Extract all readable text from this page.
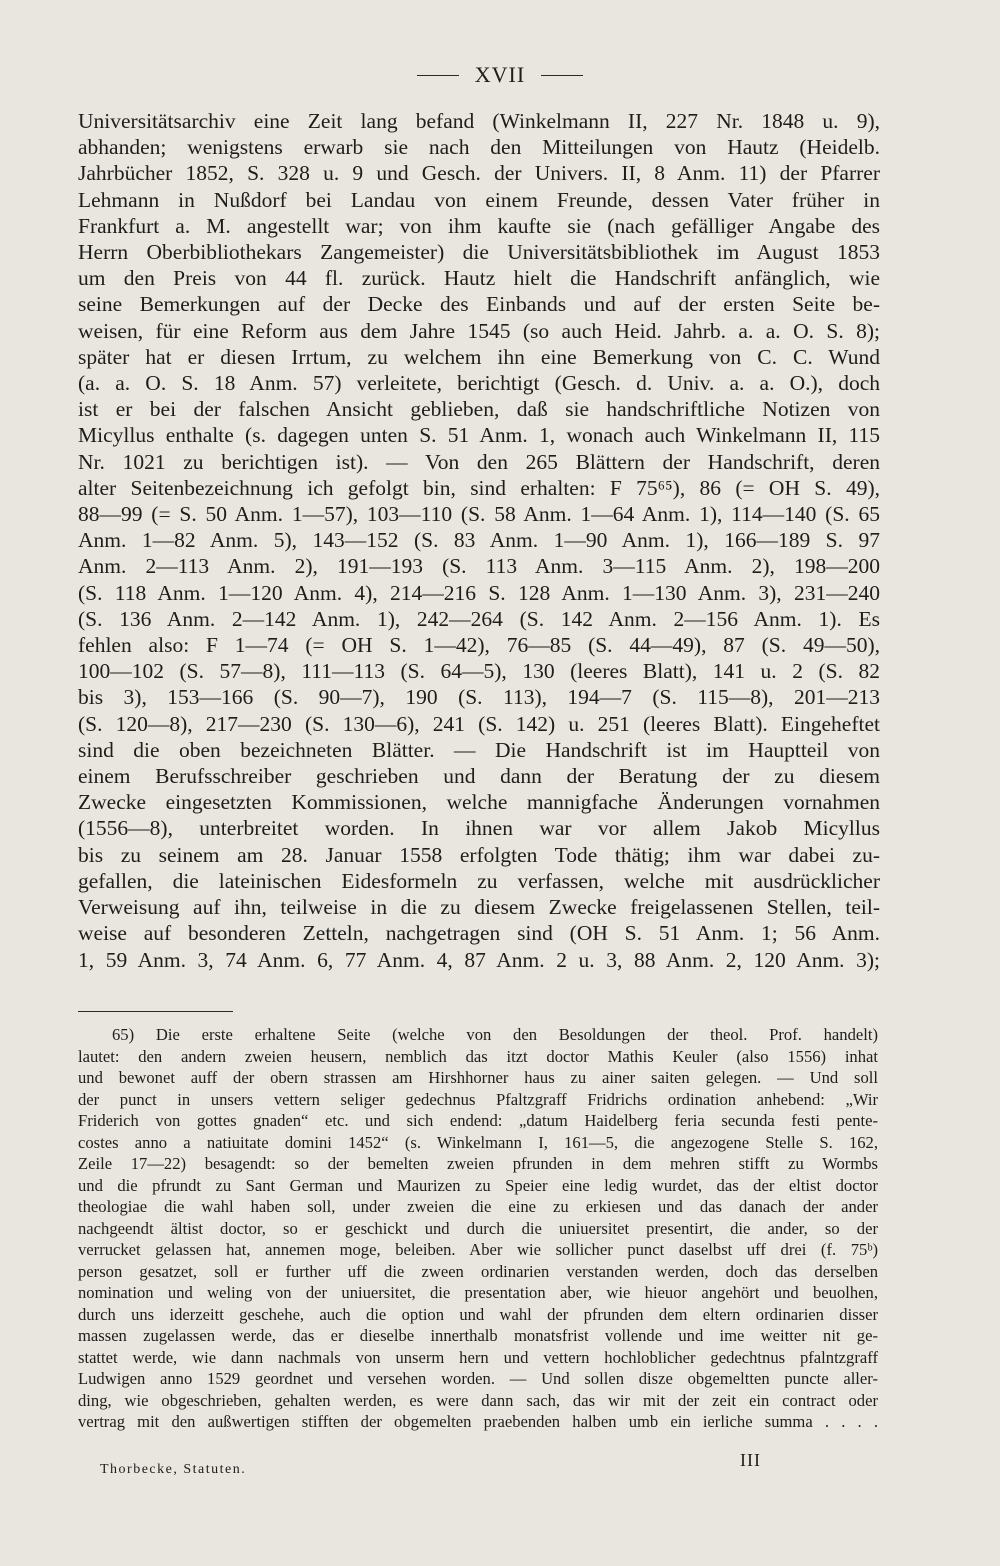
XVII
Universitätsarchiv eine Zeit lang befand (Winkelmann II, 227 Nr. 1848 u. 9),
abhanden; wenigstens erwarb sie nach den Mitteilungen von Hautz (Heidelb.
Jahrbücher 1852, S. 328 u. 9 und Gesch. der Univers. II, 8 Anm. 11) der Pfarrer
Lehmann in Nußdorf bei Landau von einem Freunde, dessen Vater früher in
Frankfurt a. M. angestellt war; von ihm kaufte sie (nach gefälliger Angabe des
Herrn Oberbibliothekars Zangemeister) die Universitätsbibliothek im August 1853
um den Preis von 44 fl. zurück. Hautz hielt die Handschrift anfänglich, wie
seine Bemerkungen auf der Decke des Einbands und auf der ersten Seite be-
weisen, für eine Reform aus dem Jahre 1545 (so auch Heid. Jahrb. a. a. O. S. 8);
später hat er diesen Irrtum, zu welchem ihn eine Bemerkung von C. C. Wund
(a. a. O. S. 18 Anm. 57) verleitete, berichtigt (Gesch. d. Univ. a. a. O.), doch
ist er bei der falschen Ansicht geblieben, daß sie handschriftliche Notizen von
Micyllus enthalte (s. dagegen unten S. 51 Anm. 1, wonach auch Winkelmann II, 115
Nr. 1021 zu berichtigen ist). — Von den 265 Blättern der Handschrift, deren
alter Seitenbezeichnung ich gefolgt bin, sind erhalten: F 75⁶⁵), 86 (= OH S. 49),
88—99 (= S. 50 Anm. 1—57), 103—110 (S. 58 Anm. 1—64 Anm. 1), 114—140 (S. 65
Anm. 1—82 Anm. 5), 143—152 (S. 83 Anm. 1—90 Anm. 1), 166—189 S. 97
Anm. 2—113 Anm. 2), 191—193 (S. 113 Anm. 3—115 Anm. 2), 198—200
(S. 118 Anm. 1—120 Anm. 4), 214—216 S. 128 Anm. 1—130 Anm. 3), 231—240
(S. 136 Anm. 2—142 Anm. 1), 242—264 (S. 142 Anm. 2—156 Anm. 1). Es
fehlen also: F 1—74 (= OH S. 1—42), 76—85 (S. 44—49), 87 (S. 49—50),
100—102 (S. 57—8), 111—113 (S. 64—5), 130 (leeres Blatt), 141 u. 2 (S. 82
bis 3), 153—166 (S. 90—7), 190 (S. 113), 194—7 (S. 115—8), 201—213
(S. 120—8), 217—230 (S. 130—6), 241 (S. 142) u. 251 (leeres Blatt). Eingeheftet
sind die oben bezeichneten Blätter. — Die Handschrift ist im Hauptteil von
einem Berufsschreiber geschrieben und dann der Beratung der zu diesem
Zwecke eingesetzten Kommissionen, welche mannigfache Änderungen vornahmen
(1556—8), unterbreitet worden. In ihnen war vor allem Jakob Micyllus
bis zu seinem am 28. Januar 1558 erfolgten Tode thätig; ihm war dabei zu-
gefallen, die lateinischen Eidesformeln zu verfassen, welche mit ausdrücklicher
Verweisung auf ihn, teilweise in die zu diesem Zwecke freigelassenen Stellen, teil-
weise auf besonderen Zetteln, nachgetragen sind (OH S. 51 Anm. 1; 56 Anm.
1, 59 Anm. 3, 74 Anm. 6, 77 Anm. 4, 87 Anm. 2 u. 3, 88 Anm. 2, 120 Anm. 3);
65) Die erste erhaltene Seite (welche von den Besoldungen der theol. Prof. handelt)
lautet: den andern zweien heusern, nemblich das itzt doctor Mathis Keuler (also 1556) inhat
und bewonet auff der obern strassen am Hirshhorner haus zu ainer saiten gelegen. — Und soll
der punct in unsers vettern seliger gedechnus Pfaltzgraff Fridrichs ordination anhebend: „Wir
Friderich von gottes gnaden“ etc. und sich endend: „datum Haidelberg feria secunda festi pente-
costes anno a natiuitate domini 1452“ (s. Winkelmann I, 161—5, die angezogene Stelle S. 162,
Zeile 17—22) besagendt: so der bemelten zweien pfrunden in dem mehren stifft zu Wormbs
und die pfrundt zu Sant German und Maurizen zu Speier eine ledig wurdet, das der eltist doctor
theologiae die wahl haben soll, under zweien die eine zu erkiesen und das danach der ander
nachgeendt ältist doctor, so er geschickt und durch die uniuersitet presentirt, die ander, so der
verrucket gelassen hat, annemen moge, beleiben. Aber wie sollicher punct daselbst uff drei (f. 75ᵇ)
person gesatzet, soll er further uff die zween ordinarien verstanden werden, doch das derselben
nomination und weling von der uniuersitet, die presentation aber, wie hieuor angehört und beuolhen,
durch uns iderzeitt geschehe, auch die option und wahl der pfrunden dem eltern ordinarien disser
massen zugelassen werde, das er dieselbe innerthalb monatsfrist vollende und ime weitter nit ge-
stattet werde, wie dann nachmals von unserm hern und vettern hochloblicher gedechtnus pfalntzgraff
Ludwigen anno 1529 geordnet und versehen worden. — Und sollen disze obgemeltten puncte aller-
ding, wie obgeschrieben, gehalten werden, es were dann sach, das wir mit der zeit ein contract oder
vertrag mit den außwertigen stifften der obgemelten praebenden halben umb ein ierliche summa . . . .
Thorbecke, Statuten.	III
